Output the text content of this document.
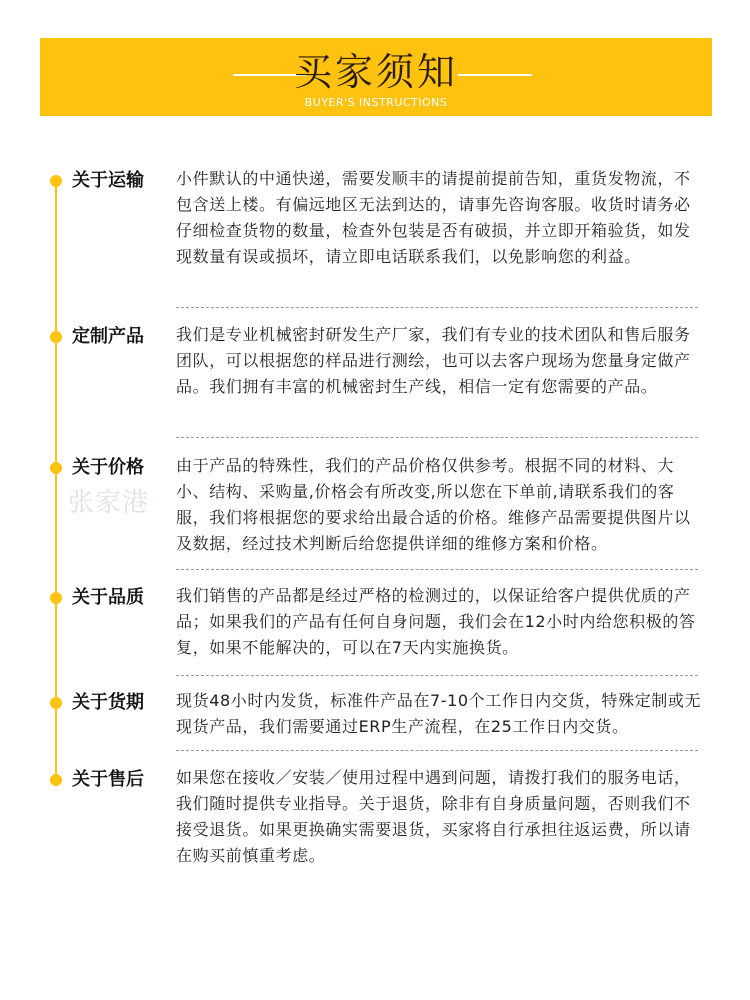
买家须知
BUYER'S INSTRUCTIONS
张家港
关于运输 小件默认的中通快递，需要发顺丰的请提前提前告知，重货发物流，不包含送上楼。有偏远地区无法到达的，请事先咨询客服。收货时请务必仔细检查货物的数量，检查外包装是否有破损，并立即开箱验货，如发现数量有误或损坏，请立即电话联系我们，以免影响您的利益。
定制产品 我们是专业机械密封研发生产厂家，我们有专业的技术团队和售后服务团队，可以根据您的样品进行测绘，也可以去客户现场为您量身定做产品。我们拥有丰富的机械密封生产线，相信一定有您需要的产品。
关于价格 由于产品的特殊性，我们的产品价格仅供参考。根据不同的材料、大小、结构、采购量,价格会有所改变,所以您在下单前,请联系我们的客服，我们将根据您的要求给出最合适的价格。维修产品需要提供图片以及数据，经过技术判断后给您提供详细的维修方案和价格。
关于品质 我们销售的产品都是经过严格的检测过的，以保证给客户提供优质的产品；如果我们的产品有任何自身问题，我们会在12小时内给您积极的答复，如果不能解决的，可以在7天内实施换货。
关于货期 现货48小时内发货，标准件产品在7-10个工作日内交货，特殊定制或无现货产品，我们需要通过ERP生产流程，在25工作日内交货。
关于售后 如果您在接收／安装／使用过程中遇到问题，请拨打我们的服务电话，我们随时提供专业指导。关于退货，除非有自身质量问题，否则我们不接受退货。如果更换确实需要退货，买家将自行承担往返运费，所以请在购买前慎重考虑。
